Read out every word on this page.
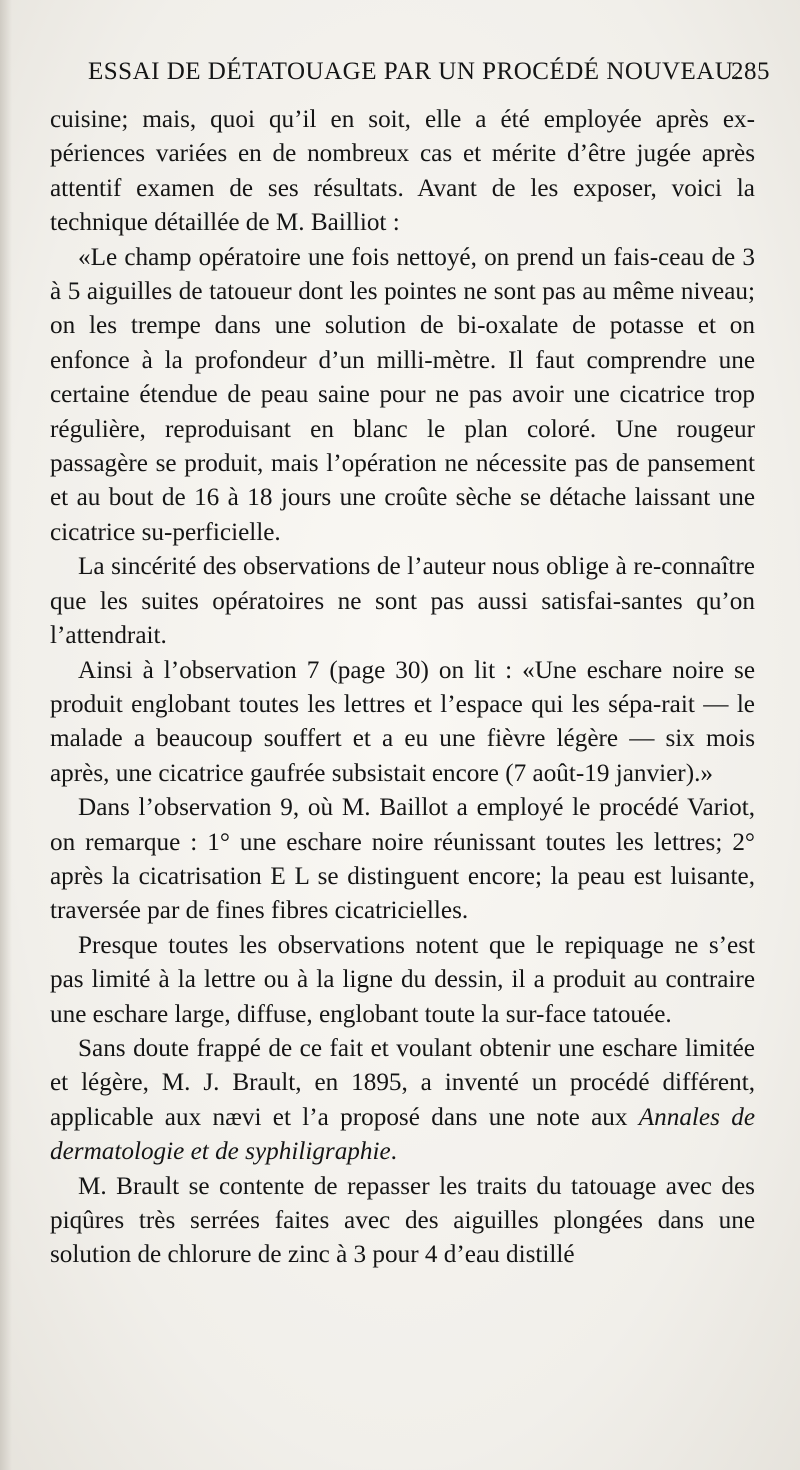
ESSAI DE DÉTATOUAGE PAR UN PROCÉDÉ NOUVEAU.
285

cuisine; mais, quoi qu’il en soit, elle a été employée après ex-périences variées en de nombreux cas et mérite d’être jugée après attentif examen de ses résultats. Avant de les exposer, voici la technique détaillée de M. Bailliot :

«Le champ opératoire une fois nettoyé, on prend un fais-ceau de 3 à 5 aiguilles de tatoueur dont les pointes ne sont pas au même niveau; on les trempe dans une solution de bi-oxalate de potasse et on enfonce à la profondeur d’un milli-mètre. Il faut comprendre une certaine étendue de peau saine pour ne pas avoir une cicatrice trop régulière, reproduisant en blanc le plan coloré. Une rougeur passagère se produit, mais l’opération ne nécessite pas de pansement et au bout de 16 à 18 jours une croûte sèche se détache laissant une cicatrice su-perficielle.

La sincérité des observations de l’auteur nous oblige à re-connaître que les suites opératoires ne sont pas aussi satisfai-santes qu’on l’attendrait.

Ainsi à l’observation 7 (page 30) on lit : «Une eschare noire se produit englobant toutes les lettres et l’espace qui les sépa-rait — le malade a beaucoup souffert et a eu une fièvre légère — six mois après, une cicatrice gaufrée subsistait encore (7 août-19 janvier).»

Dans l’observation 9, où M. Baillot a employé le procédé Variot, on remarque : 1° une eschare noire réunissant toutes les lettres; 2° après la cicatrisation E L se distinguent encore; la peau est luisante, traversée par de fines fibres cicatricielles.

Presque toutes les observations notent que le repiquage ne s’est pas limité à la lettre ou à la ligne du dessin, il a produit au contraire une eschare large, diffuse, englobant toute la sur-face tatouée.

Sans doute frappé de ce fait et voulant obtenir une eschare limitée et légère, M. J. Brault, en 1895, a inventé un procédé différent, applicable aux nævi et l’a proposé dans une note aux Annales de dermatologie et de syphiligraphie.

M. Brault se contente de repasser les traits du tatouage avec des piqûres très serrées faites avec des aiguilles plongées dans une solution de chlorure de zinc à 3 pour 4 d’eau distillé
